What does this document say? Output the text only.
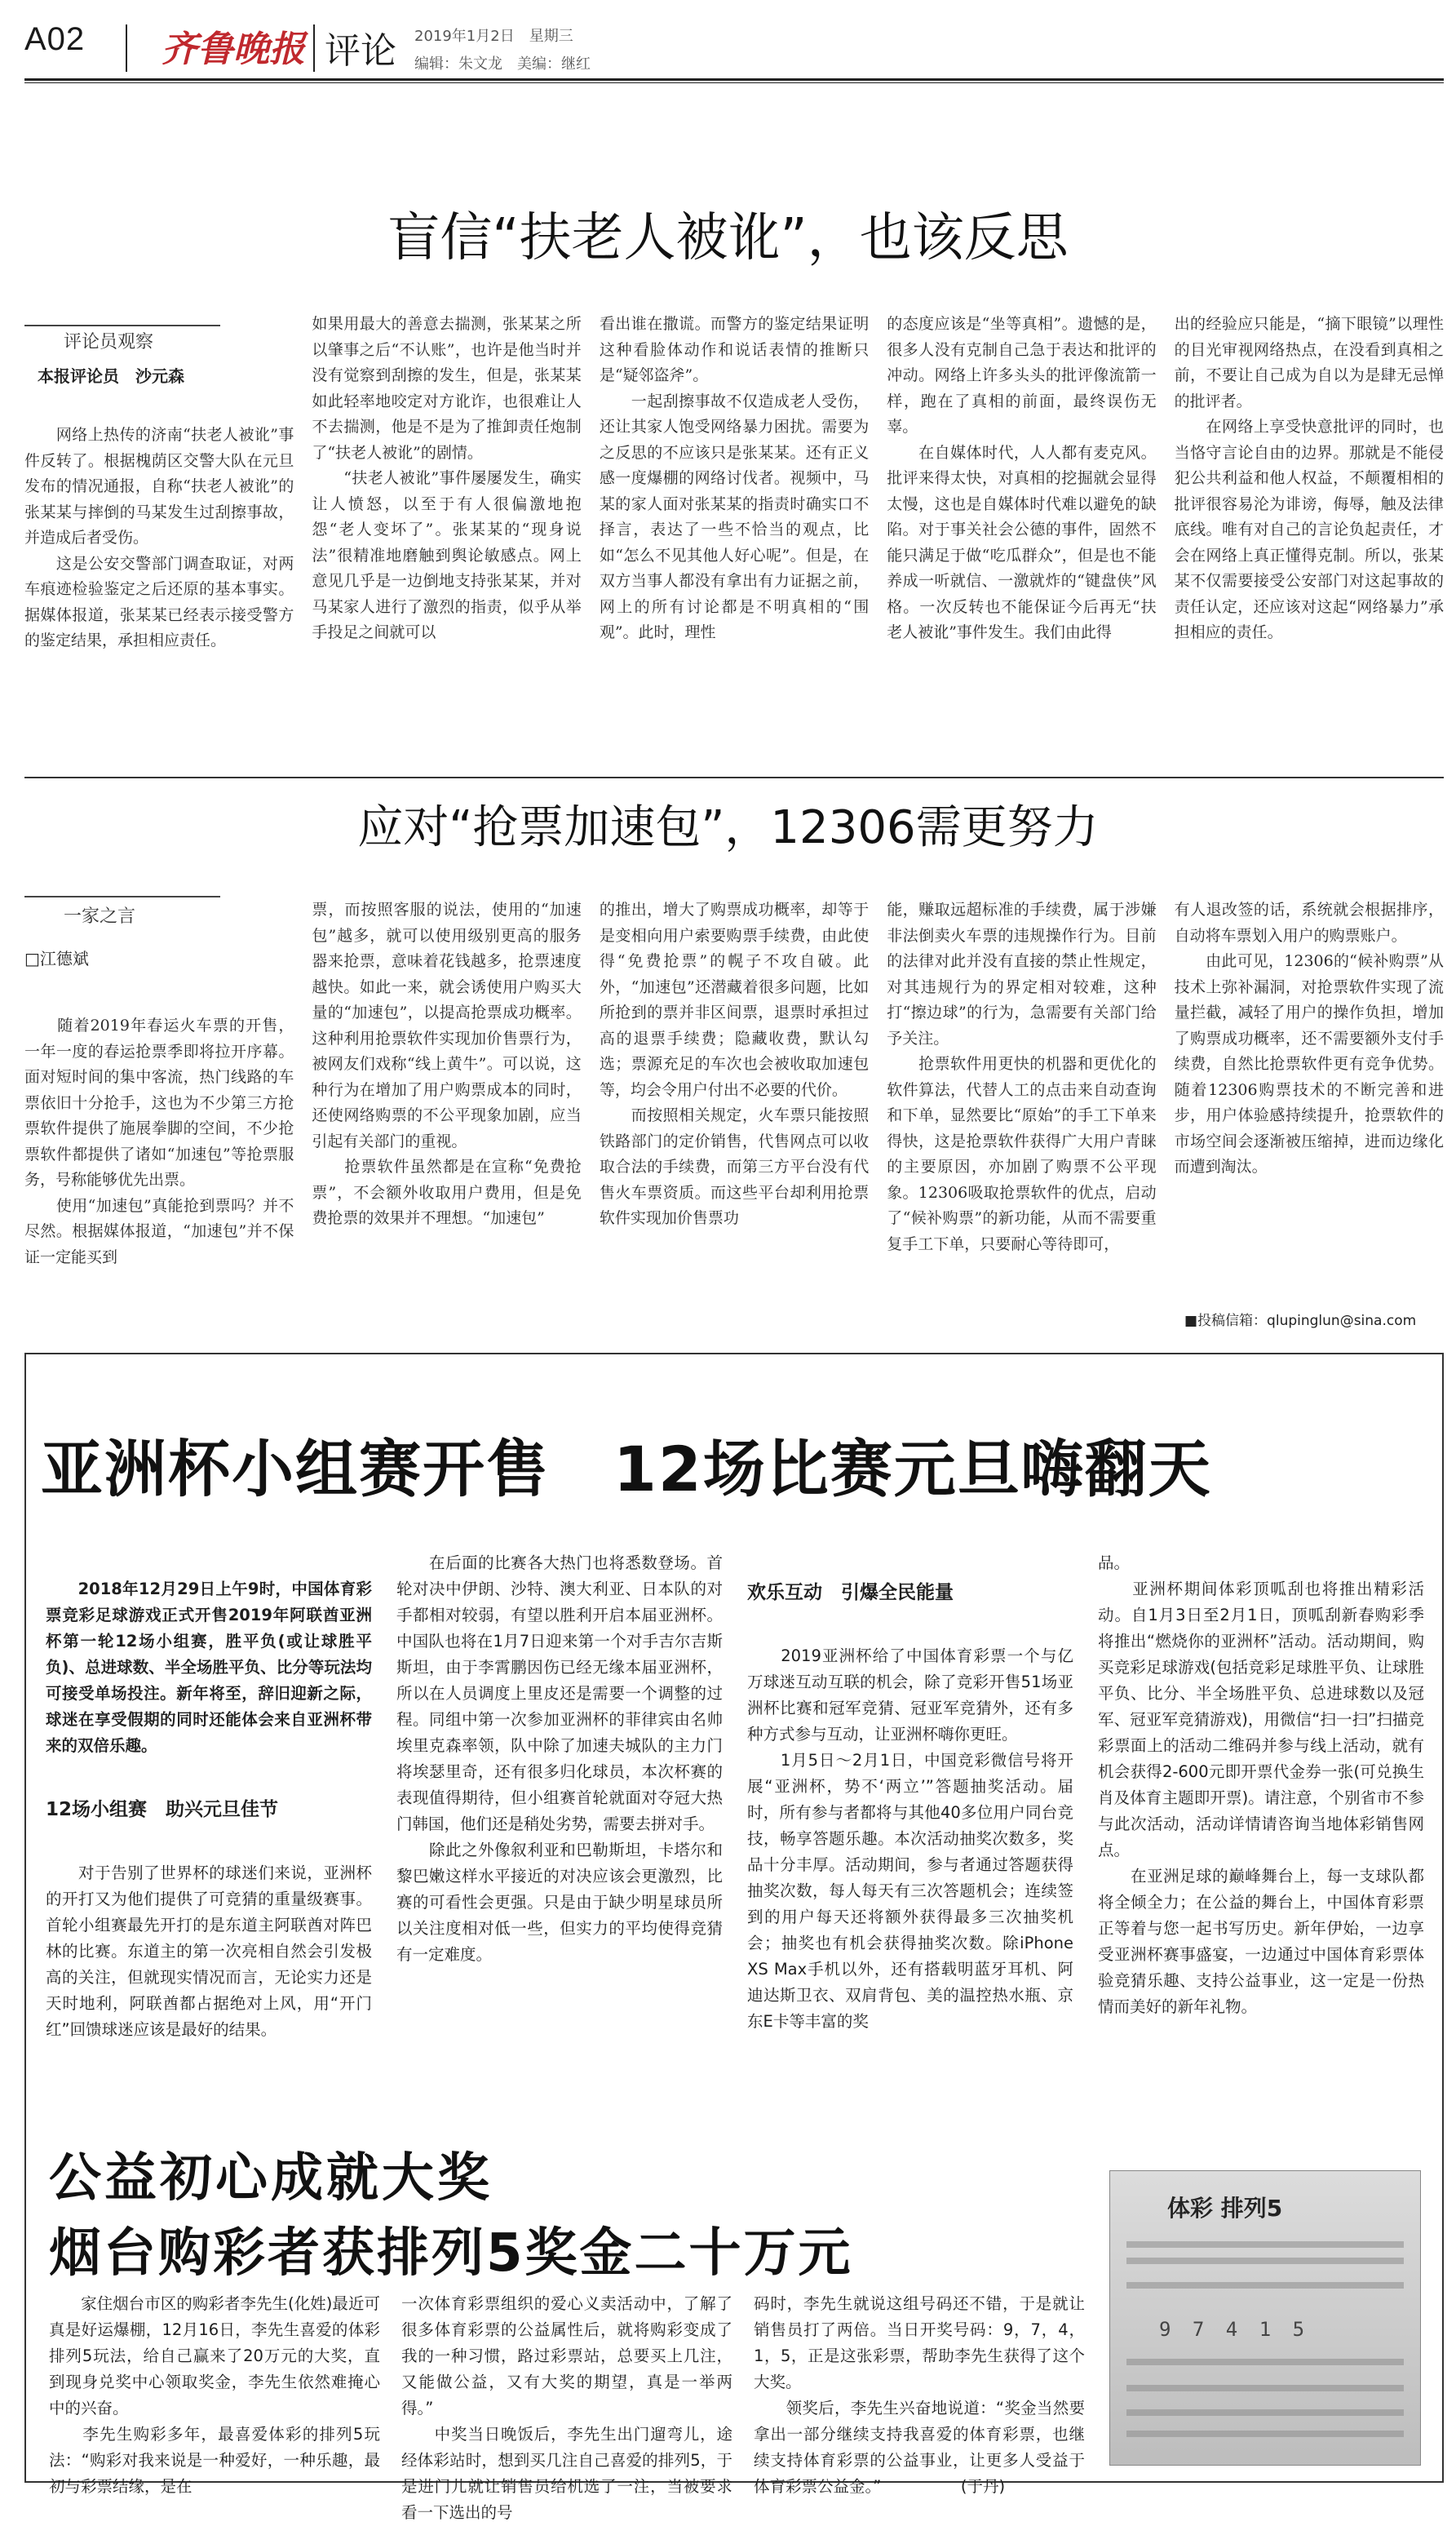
A02 齐鲁晚报 评论 2019年1月2日　星期三
编辑：朱文龙　美编：继红
盲信“扶老人被讹”，也该反思
评论员观察
本报评论员　沙元森
　　网络上热传的济南“扶老人被讹”事件反转了。根据槐荫区交警大队在元旦发布的情况通报，自称“扶老人被讹”的张某某与摔倒的马某发生过刮擦事故，并造成后者受伤。
　　这是公安交警部门调查取证，对两车痕迹检验鉴定之后还原的基本事实。据媒体报道，张某某已经表示接受警方的鉴定结果，承担相应责任。
如果用最大的善意去揣测，张某某之所以肇事之后“不认账”，也许是他当时并没有觉察到刮擦的发生，但是，张某某如此轻率地咬定对方讹诈，也很难让人不去揣测，他是不是为了推卸责任炮制了“扶老人被讹”的剧情。
　　“扶老人被讹”事件屡屡发生，确实让人愤怒，以至于有人很偏激地抱怨“老人变坏了”。张某某的“现身说法”很精准地磨触到舆论敏感点。网上意见几乎是一边倒地支持张某某，并对马某家人进行了激烈的指责，似乎从举手投足之间就可以
看出谁在撒谎。而警方的鉴定结果证明这种看脸体动作和说话表情的推断只是“疑邻盗斧”。
　　一起刮擦事故不仅造成老人受伤，还让其家人饱受网络暴力困扰。需要为之反思的不应该只是张某某。还有正义感一度爆棚的网络讨伐者。视频中，马某的家人面对张某某的指责时确实口不择言，表达了一些不恰当的观点，比如“怎么不见其他人好心呢”。但是，在双方当事人都没有拿出有力证据之前，网上的所有讨论都是不明真相的“围观”。此时，理性
的态度应该是“坐等真相”。遗憾的是，很多人没有克制自己急于表达和批评的冲动。网络上许多头头的批评像流箭一样，跑在了真相的前面，最终误伤无辜。
　　在自媒体时代，人人都有麦克风。批评来得太快，对真相的挖掘就会显得太慢，这也是自媒体时代难以避免的缺陷。对于事关社会公德的事件，固然不能只满足于做“吃瓜群众”，但是也不能养成一听就信、一激就炸的“键盘侠”风格。一次反转也不能保证今后再无“扶老人被讹”事件发生。我们由此得
出的经验应只能是，“摘下眼镜”以理性的目光审视网络热点，在没看到真相之前，不要让自己成为自以为是肆无忌惮的批评者。
　　在网络上享受快意批评的同时，也当恪守言论自由的边界。那就是不能侵犯公共利益和他人权益，不颠覆相相的批评很容易沦为诽谤，侮辱，触及法律底线。唯有对自己的言论负起责任，才会在网络上真正懂得克制。所以，张某某不仅需要接受公安部门对这起事故的责任认定，还应该对这起“网络暴力”承担相应的责任。
应对“抢票加速包”，12306需更努力
一家之言
□江德斌
　　随着2019年春运火车票的开售，一年一度的春运抢票季即将拉开序幕。面对短时间的集中客流，热门线路的车票依旧十分抢手，这也为不少第三方抢票软件提供了施展拳脚的空间，不少抢票软件都提供了诸如“加速包”等抢票服务，号称能够优先出票。
　　使用“加速包”真能抢到票吗？并不尽然。根据媒体报道，“加速包”并不保证一定能买到
票，而按照客服的说法，使用的“加速包”越多，就可以使用级别更高的服务器来抢票，意味着花钱越多，抢票速度越快。如此一来，就会诱使用户购买大量的“加速包”，以提高抢票成功概率。这种利用抢票软件实现加价售票行为，被网友们戏称“线上黄牛”。可以说，这种行为在增加了用户购票成本的同时，还使网络购票的不公平现象加剧，应当引起有关部门的重视。
　　抢票软件虽然都是在宣称“免费抢票”，不会额外收取用户费用，但是免费抢票的效果并不理想。“加速包”
的推出，增大了购票成功概率，却等于是变相向用户索要购票手续费，由此使得“免费抢票”的幌子不攻自破。此外，“加速包”还潜藏着很多问题，比如所抢到的票并非区间票，退票时承担过高的退票手续费；隐藏收费，默认勾选；票源充足的车次也会被收取加速包等，均会令用户付出不必要的代价。
　　而按照相关规定，火车票只能按照铁路部门的定价销售，代售网点可以收取合法的手续费，而第三方平台没有代售火车票资质。而这些平台却利用抢票软件实现加价售票功
能，赚取远超标准的手续费，属于涉嫌非法倒卖火车票的违规操作行为。目前的法律对此并没有直接的禁止性规定，对其违规行为的界定相对较难，这种打“擦边球”的行为，急需要有关部门给予关注。
　　抢票软件用更快的机器和更优化的软件算法，代替人工的点击来自动查询和下单，显然要比“原始”的手工下单来得快，这是抢票软件获得广大用户青睐的主要原因，亦加剧了购票不公平现象。12306吸取抢票软件的优点，启动了“候补购票”的新功能，从而不需要重复手工下单，只要耐心等待即可，
有人退改签的话，系统就会根据排序，自动将车票划入用户的购票账户。
　　由此可见，12306的“候补购票”从技术上弥补漏洞，对抢票软件实现了流量拦截，减轻了用户的操作负担，增加了购票成功概率，还不需要额外支付手续费，自然比抢票软件更有竞争优势。随着12306购票技术的不断完善和进步，用户体验感持续提升，抢票软件的市场空间会逐渐被压缩掉，进而边缘化而遭到淘汰。
■投稿信箱：qlupinglun@sina.com
亚洲杯小组赛开售　12场比赛元旦嗨翻天

　　2018年12月29日上午9时，中国体育彩票竞彩足球游戏正式开售2019年阿联酋亚洲杯第一轮12场小组赛，胜平负(或让球胜平负)、总进球数、半全场胜平负、比分等玩法均可接受单场投注。新年将至，辞旧迎新之际，球迷在享受假期的同时还能体会来自亚洲杯带来的双倍乐趣。

12场小组赛　助兴元旦佳节

　　对于告别了世界杯的球迷们来说，亚洲杯的开打又为他们提供了可竞猜的重量级赛事。首轮小组赛最先开打的是东道主阿联酋对阵巴林的比赛。东道主的第一次亮相自然会引发极高的关注，但就现实情况而言，无论实力还是天时地利，阿联酋都占据绝对上风，用“开门红”回馈球迷应该是最好的结果。

　　在后面的比赛各大热门也将悉数登场。首轮对决中伊朗、沙特、澳大利亚、日本队的对手都相对较弱，有望以胜利开启本届亚洲杯。中国队也将在1月7日迎来第一个对手吉尔吉斯斯坦，由于李霄鹏因伤已经无缘本届亚洲杯，所以在人员调度上里皮还是需要一个调整的过程。同组中第一次参加亚洲杯的菲律宾由名帅埃里克森率领，队中除了加速夫城队的主力门将埃瑟里奇，还有很多归化球员，本次杯赛的表现值得期待，但小组赛首轮就面对夺冠大热门韩国，他们还是稍处劣势，需要去拼对手。
　　除此之外像叙利亚和巴勒斯坦，卡塔尔和黎巴嫩这样水平接近的对决应该会更激烈，比赛的可看性会更强。只是由于缺少明星球员所以关注度相对低一些，但实力的平均使得竞猜有一定难度。

欢乐互动　引爆全民能量

　　2019亚洲杯给了中国体育彩票一个与亿万球迷互动互联的机会，除了竞彩开售51场亚洲杯比赛和冠军竞猜、冠亚军竞猜外，还有多种方式参与互动，让亚洲杯嗨你更旺。
　　1月5日～2月1日，中国竞彩微信号将开展“亚洲杯，势不‘两立’”答题抽奖活动。届时，所有参与者都将与其他40多位用户同台竞技，畅享答题乐趣。本次活动抽奖次数多，奖品十分丰厚。活动期间，参与者通过答题获得抽奖次数，每人每天有三次答题机会；连续签到的用户每天还将额外获得最多三次抽奖机会；抽奖也有机会获得抽奖次数。除iPhone XS Max手机以外，还有搭载明蓝牙耳机、阿迪达斯卫衣、双肩背包、美的温控热水瓶、京东E卡等丰富的奖

品。
　　亚洲杯期间体彩顶呱刮也将推出精彩活动。自1月3日至2月1日，顶呱刮新春购彩季将推出“燃烧你的亚洲杯”活动。活动期间，购买竞彩足球游戏(包括竞彩足球胜平负、让球胜平负、比分、半全场胜平负、总进球数以及冠军、冠亚军竞猜游戏)，用微信“扫一扫”扫描竞彩票面上的活动二维码并参与线上活动，就有机会获得2-600元即开票代金券一张(可兑换生肖及体育主题即开票)。请注意，个别省市不参与此次活动，活动详情请咨询当地体彩销售网点。
　　在亚洲足球的巅峰舞台上，每一支球队都将全倾全力；在公益的舞台上，中国体育彩票正等着与您一起书写历史。新年伊始，一边享受亚洲杯赛事盛宴，一边通过中国体育彩票体验竞猜乐趣、支持公益事业，这一定是一份热情而美好的新年礼物。
公益初心成就大奖
烟台购彩者获排列5奖金二十万元
　　家住烟台市区的购彩者李先生(化姓)最近可真是好运爆棚，12月16日，李先生喜爱的体彩排列5玩法，给自己赢来了20万元的大奖，直到现身兑奖中心领取奖金，李先生依然难掩心中的兴奋。
　　李先生购彩多年，最喜爱体彩的排列5玩法：“购彩对我来说是一种爱好，一种乐趣，最初与彩票结缘，是在
一次体育彩票组织的爱心义卖活动中，了解了很多体育彩票的公益属性后，就将购彩变成了我的一种习惯，路过彩票站，总要买上几注，又能做公益，又有大奖的期望，真是一举两得。”
　　中奖当日晚饭后，李先生出门遛弯儿，途经体彩站时，想到买几注自己喜爱的排列5，于是进门儿就让销售员给机选了一注，当被要求看一下选出的号
码时，李先生就说这组号码还不错，于是就让销售员打了两倍。当日开奖号码：9，7，4，1，5，正是这张彩票，帮助李先生获得了这个大奖。
　　领奖后，李先生兴奋地说道：“奖金当然要拿出一部分继续支持我喜爱的体育彩票，也继续支持体育彩票的公益事业，让更多人受益于体育彩票公益金。”　　　　　(于丹)
体彩 排列5
9 7 4 1 5
